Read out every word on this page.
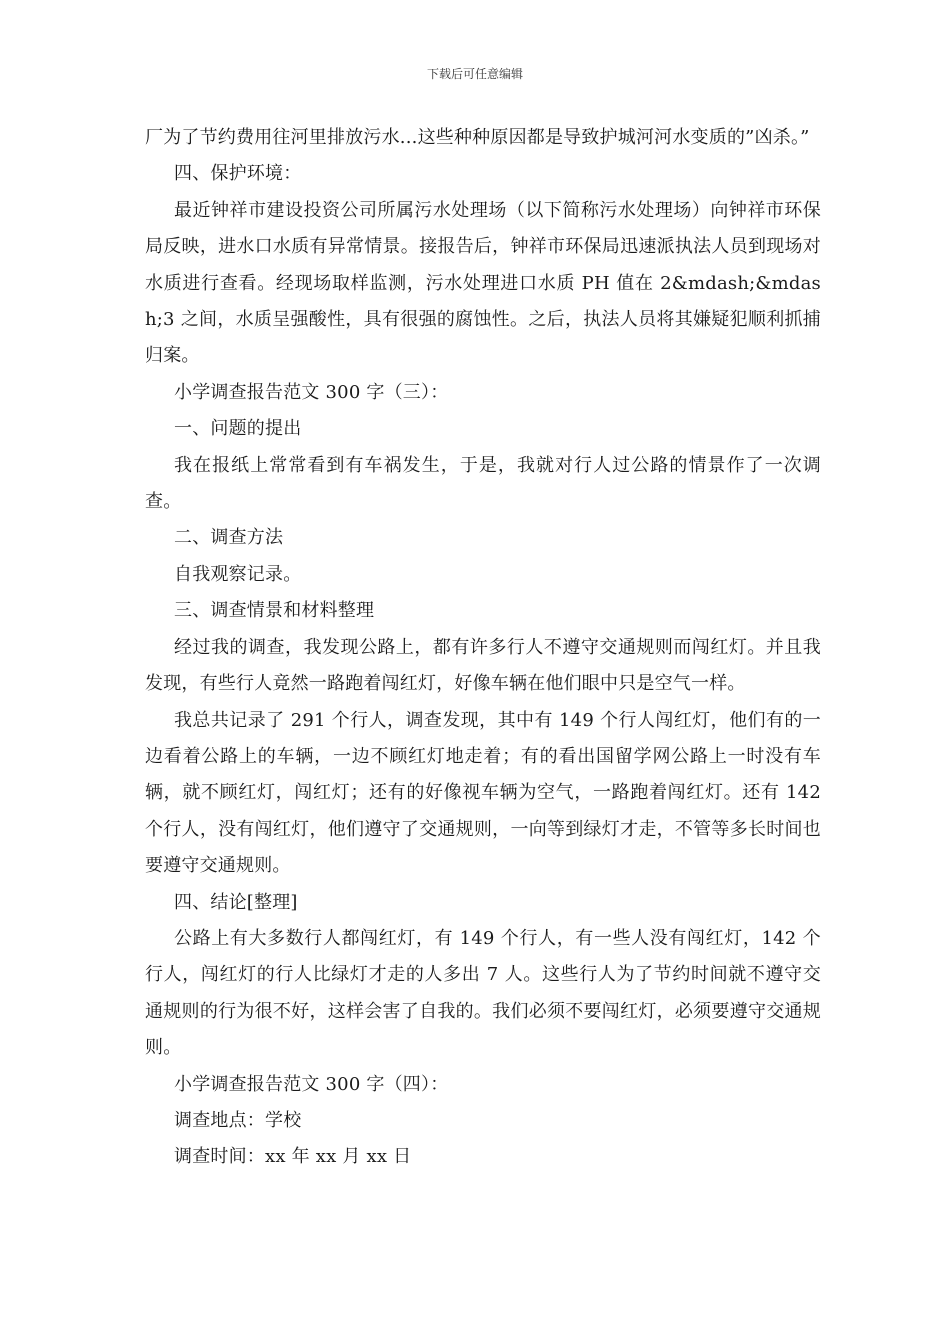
下载后可任意编辑

厂为了节约费用往河里排放污水...这些种种原因都是导致护城河河水变质的”凶杀。”

四、保护环境：

最近钟祥市建设投资公司所属污水处理场（以下简称污水处理场）向钟祥市环保局反映，进水口水质有异常情景。接报告后，钟祥市环保局迅速派执法人员到现场对水质进行查看。经现场取样监测，污水处理进口水质 PH 值在 2&mdash;&mdash;3 之间，水质呈强酸性，具有很强的腐蚀性。之后，执法人员将其嫌疑犯顺利抓捕归案。

小学调查报告范文 300 字（三）：

一、问题的提出

我在报纸上常常看到有车祸发生，于是，我就对行人过公路的情景作了一次调查。

二、调查方法

自我观察记录。

三、调查情景和材料整理

经过我的调查，我发现公路上，都有许多行人不遵守交通规则而闯红灯。并且我发现，有些行人竟然一路跑着闯红灯，好像车辆在他们眼中只是空气一样。

我总共记录了 291 个行人，调查发现，其中有 149 个行人闯红灯，他们有的一边看着公路上的车辆，一边不顾红灯地走着；有的看出国留学网公路上一时没有车辆，就不顾红灯，闯红灯；还有的好像视车辆为空气，一路跑着闯红灯。还有 142 个行人，没有闯红灯，他们遵守了交通规则，一向等到绿灯才走，不管等多长时间也要遵守交通规则。

四、结论[整理]

公路上有大多数行人都闯红灯，有 149 个行人，有一些人没有闯红灯，142 个行人，闯红灯的行人比绿灯才走的人多出 7 人。这些行人为了节约时间就不遵守交通规则的行为很不好，这样会害了自我的。我们必须不要闯红灯，必须要遵守交通规则。

小学调查报告范文 300 字（四）：

调查地点：学校

调查时间：xx 年 xx 月 xx 日
